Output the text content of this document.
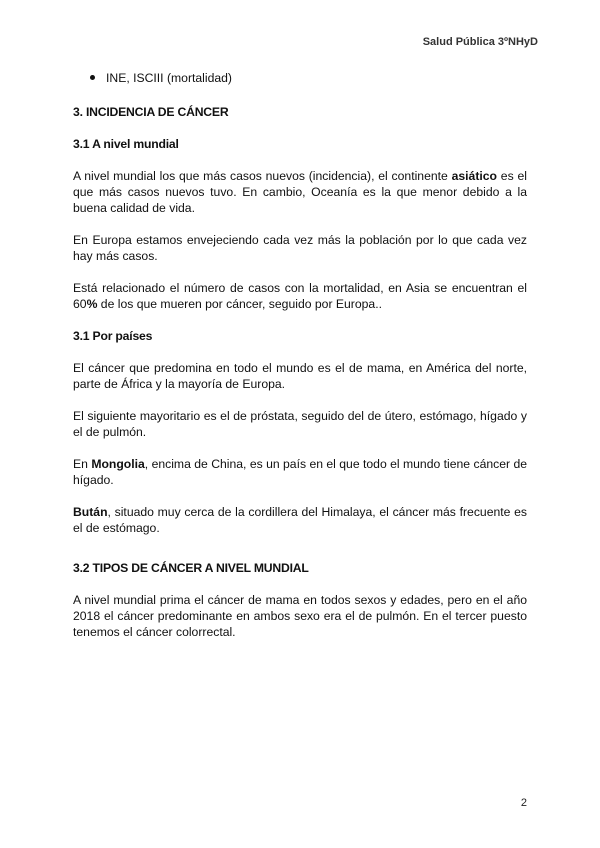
Salud Pública 3ºNHyD
INE, ISCIII (mortalidad)
3. INCIDENCIA DE CÁNCER
3.1 A nivel mundial

A nivel mundial los que más casos nuevos (incidencia), el continente asiático es el que más casos nuevos tuvo. En cambio, Oceanía es la que menor debido a la buena calidad de vida.

En Europa estamos envejeciendo cada vez más la población por lo que cada vez hay más casos.

Está relacionado el número de casos con la mortalidad, en Asia se encuentran el 60% de los que mueren por cáncer, seguido por Europa..

3.1 Por países

El cáncer que predomina en todo el mundo es el de mama, en América del norte, parte de África y la mayoría de Europa.

El siguiente mayoritario es el de próstata, seguido del de útero, estómago, hígado y el de pulmón.

En Mongolia, encima de China, es un país en el que todo el mundo tiene cáncer de hígado.

Bután, situado muy cerca de la cordillera del Himalaya, el cáncer más frecuente es el de estómago.

3.2 TIPOS DE CÁNCER A NIVEL MUNDIAL

A nivel mundial prima el cáncer de mama en todos sexos y edades, pero en el año 2018 el cáncer predominante en ambos sexo era el de pulmón. En el tercer puesto tenemos el cáncer colorrectal.

2
